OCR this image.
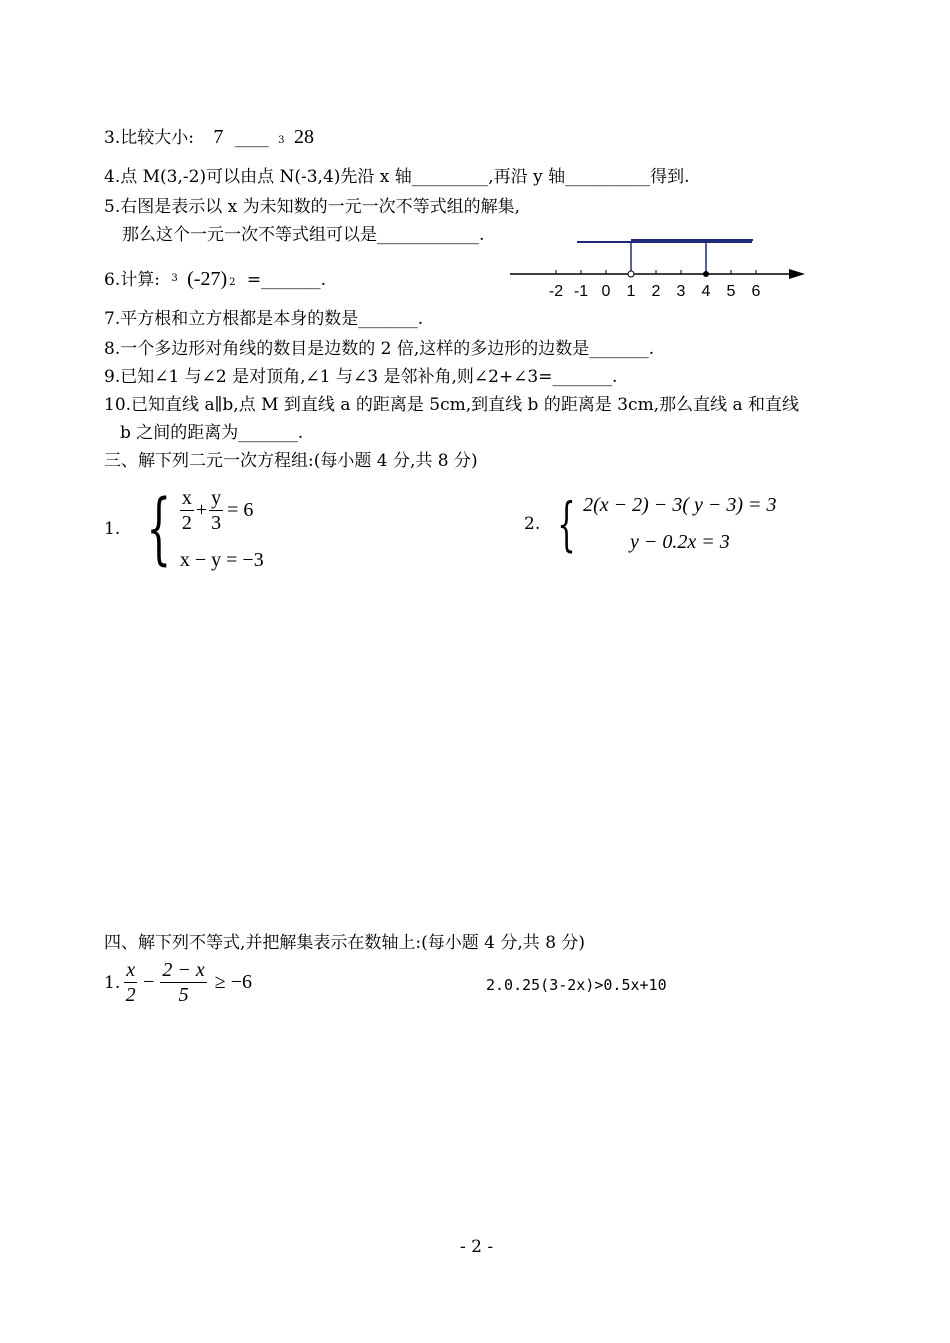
3.比较大小: 7 ____ 3 28
4.点 M(3,-2)可以由点 N(-3,4)先沿 x 轴_________,再沿 y 轴__________得到.
5.右图是表示以 x 为未知数的一元一次不等式组的解集,
那么这个一元一次不等式组可以是____________.
-2 -1 0 1 2 3 4 5 6
6.计算: $^3$ (-27) 2 =_______.
7.平方根和立方根都是本身的数是_______.
8.一个多边形对角线的数目是边数的 2 倍,这样的多边形的边数是_______.
9.已知∠1 与∠2 是对顶角,∠1 与∠3 是邻补角,则∠2+∠3=_______.
10.已知直线 a∥b,点 M 到直线 a 的距离是 5cm,到直线 b 的距离是 3cm,那么直线 a 和直线
b 之间的距离为_______.
三、解下列二元一次方程组:(每小题 4 分,共 8 分)
1. { $\frac{x}{2} + \frac{y}{3} = 6$
x − y = −3
2. { 2(x − 2) − 3( y − 3) = 3
y − 0.2x = 3
四、解下列不等式,并把解集表示在数轴上:(每小题 4 分,共 8 分)
1. $\frac{x}{2} - \frac{2 - x}{5} \ge -6$	2.0.25(3-2x)>0.5x+10
- 2 -
